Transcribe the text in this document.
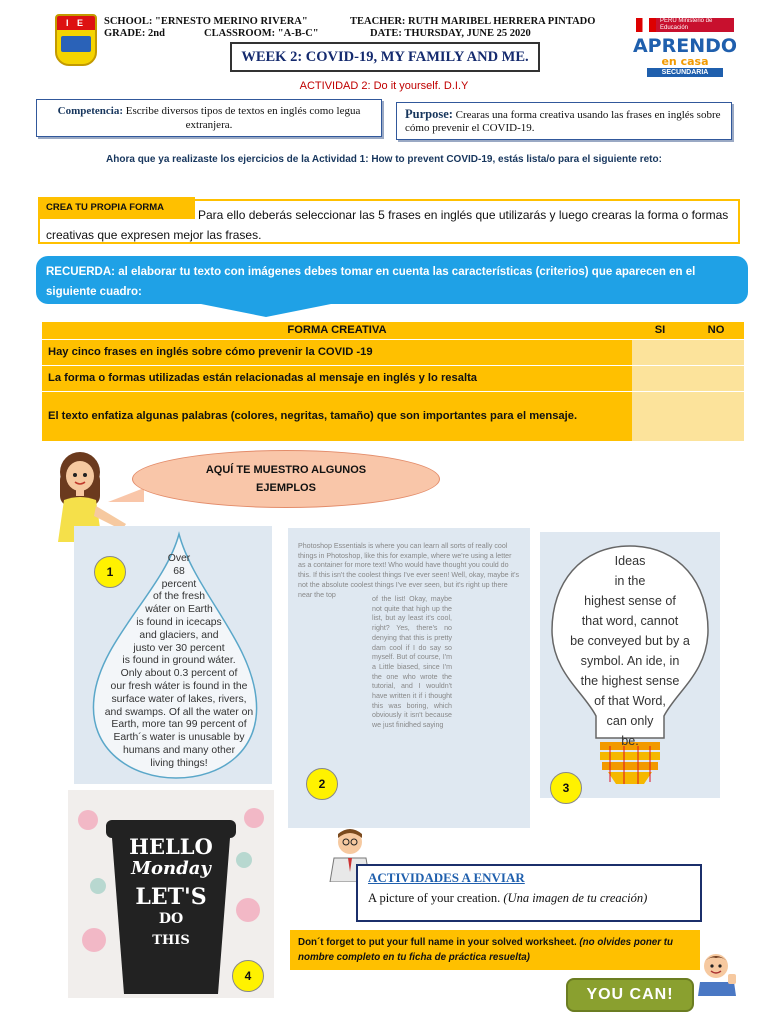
I E	SCHOOL: "ERNESTO MERINO RIVERA"	TEACHER: RUTH MARIBEL HERRERA PINTADO
GRADE: 2nd	CLASSROOM: "A-B-C"	DATE: THURSDAY, JUNE 25 2020
WEEK 2: COVID-19, MY FAMILY AND ME.
PERÚ Ministerio de Educación
APRENDO
en casa
SECUNDARIA
ACTIVIDAD 2: Do it yourself. D.I.Y
Competencia: Escribe diversos tipos de textos en inglés como legua extranjera.
Purpose: Crearas una forma creativa usando las frases en inglés sobre cómo prevenir el COVID-19.
Ahora que ya realizaste los ejercicios de la Actividad 1: How to prevent COVID-19, estás lista/o para el siguiente reto:
Para ello deberás seleccionar las 5 frases en inglés que utilizarás y luego crearas la forma o formas creativas que expresen mejor las frases.
CREA TU PROPIA FORMA
RECUERDA: al elaborar tu texto con imágenes debes tomar en cuenta las características (criterios) que aparecen en el siguiente cuadro:
FORMA CREATIVA	SI	NO
Hay cinco frases en inglés sobre cómo prevenir la COVID -19		
La forma o formas utilizadas están relacionadas al mensaje en inglés y lo resalta		
El texto enfatiza algunas palabras (colores, negritas, tamaño) que son importantes para el mensaje.		
AQUÍ TE MUESTRO ALGUNOS EJEMPLOS
Over
68
percent
of the fresh
wáter on Earth
is found in icecaps
and glaciers, and
justo ver 30 percent
is found in ground wáter.
Only about 0.3 percent of
our fresh wáter is found in the
surface water of lakes, rivers,
and swamps. Of all the water on
Earth, more tan 99 percent of
Earth´s water is unusable by
humans and many other
living things!
1
Photoshop Essentials is where you can learn all sorts of really cool things in Photoshop, like this for example, where we're using a letter as a container for more text! Who would have thought you could do this. If this isn't the coolest things I've ever seen! Well, okay, maybe it's not the absolute coolest things I've ever seen, but it's right up there near the top
of the list! Okay, maybe not quite that high up the list, but ay least it's cool, right? Yes, there's no denying that this is pretty dam cool if I do say so myself. But of course, I'm a Little biased, since I'm the one who wrote the tutorial, and I wouldn't have written it if i thought this was boring, which obviously it isn't because we just finidhed saying
2
Ideas
in the
highest sense of
that word, cannot
be conveyed but by a
symbol. An ide, in
the highest sense
of that Word,
can only
be.
3
HELLO
Monday
LET'S
DO
THIS
4
ACTIVIDADES A ENVIAR
A picture of your creation. (Una imagen de tu creación)
Don´t forget to put your full name in your solved worksheet. (no olvides poner tu nombre completo en tu ficha de práctica resuelta)
YOU CAN!
